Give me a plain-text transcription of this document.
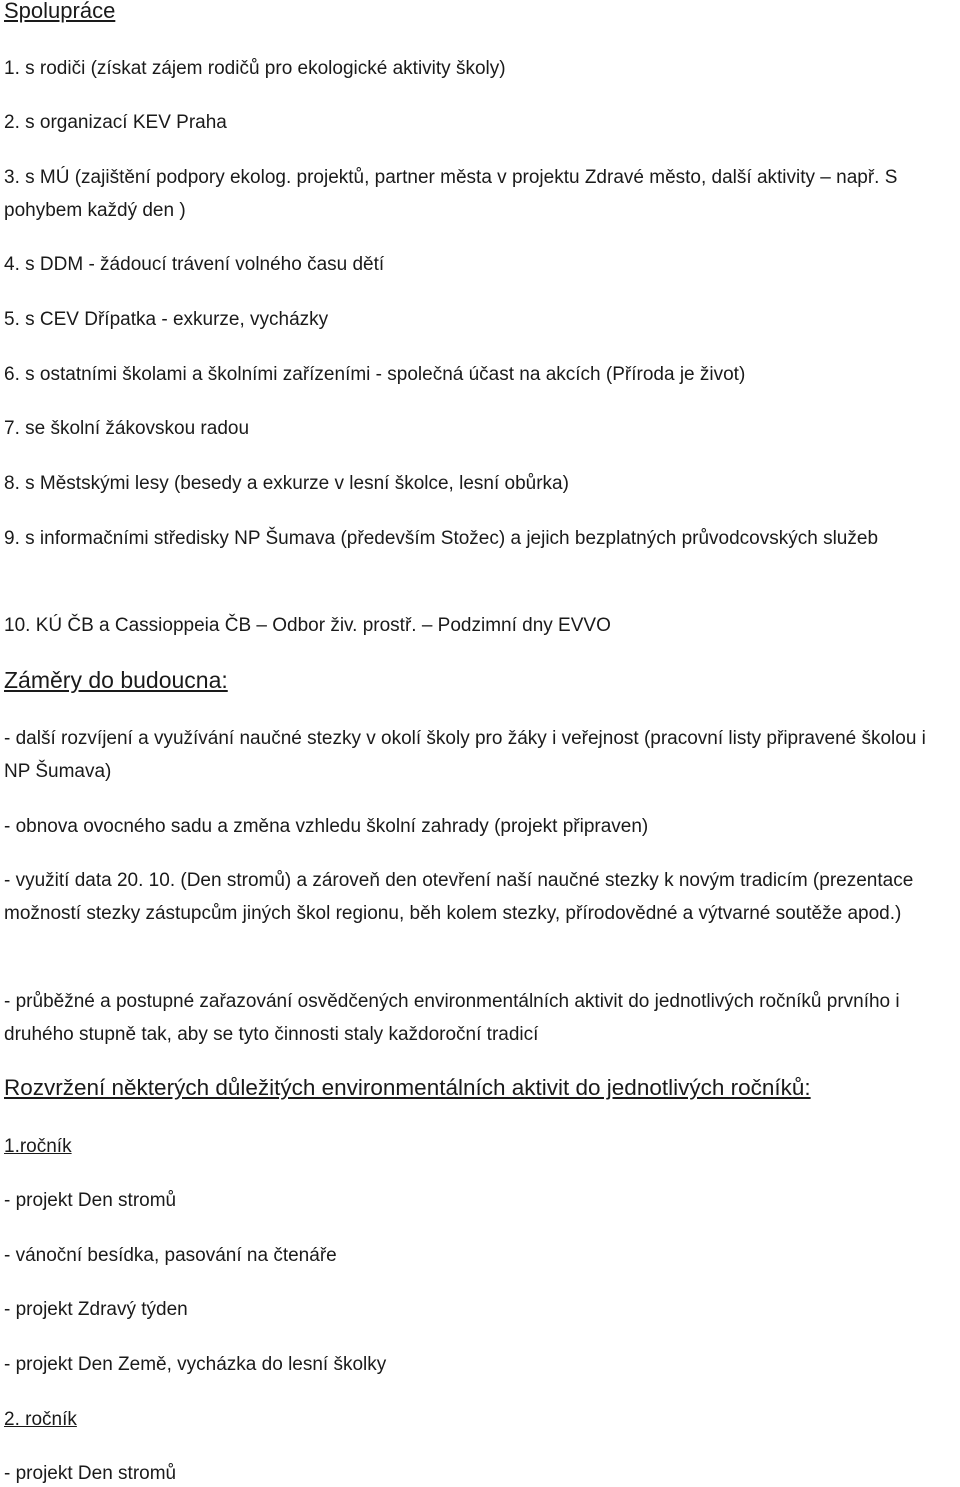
Spolupráce
1. s rodiči (získat zájem rodičů pro ekologické aktivity školy)
2. s organizací KEV Praha
3. s MÚ (zajištění podpory ekolog. projektů, partner města v projektu Zdravé město, další aktivity – např. S pohybem každý den )
4. s DDM - žádoucí trávení volného času dětí
5. s CEV Dřípatka - exkurze, vycházky
6. s ostatními školami a školními zařízeními - společná účast na akcích (Příroda je život)
7. se školní žákovskou radou
8. s Městskými lesy (besedy a exkurze v lesní školce, lesní obůrka)
9. s informačními středisky NP Šumava (především Stožec) a jejich bezplatných průvodcovských služeb
10. KÚ ČB a Cassioppeia ČB – Odbor živ. prostř. – Podzimní dny EVVO
Záměry do budoucna:
- další rozvíjení a využívání naučné stezky v okolí školy pro žáky i veřejnost (pracovní listy připravené školou i NP Šumava)
- obnova ovocného sadu a změna vzhledu školní zahrady (projekt připraven)
- využití data 20. 10. (Den stromů) a zároveň den otevření naší naučné stezky k novým tradicím (prezentace možností stezky zástupcům jiných škol regionu, běh kolem stezky, přírodovědné a výtvarné soutěže apod.)
- průběžné a postupné zařazování osvědčených environmentálních aktivit do jednotlivých ročníků prvního i druhého stupně tak, aby se tyto činnosti staly každoroční tradicí
Rozvržení některých důležitých environmentálních aktivit do jednotlivých ročníků:
1.ročník
- projekt Den stromů
- vánoční besídka, pasování na čtenáře
- projekt Zdravý týden
- projekt Den Země, vycházka do lesní školky
2. ročník
- projekt Den stromů
